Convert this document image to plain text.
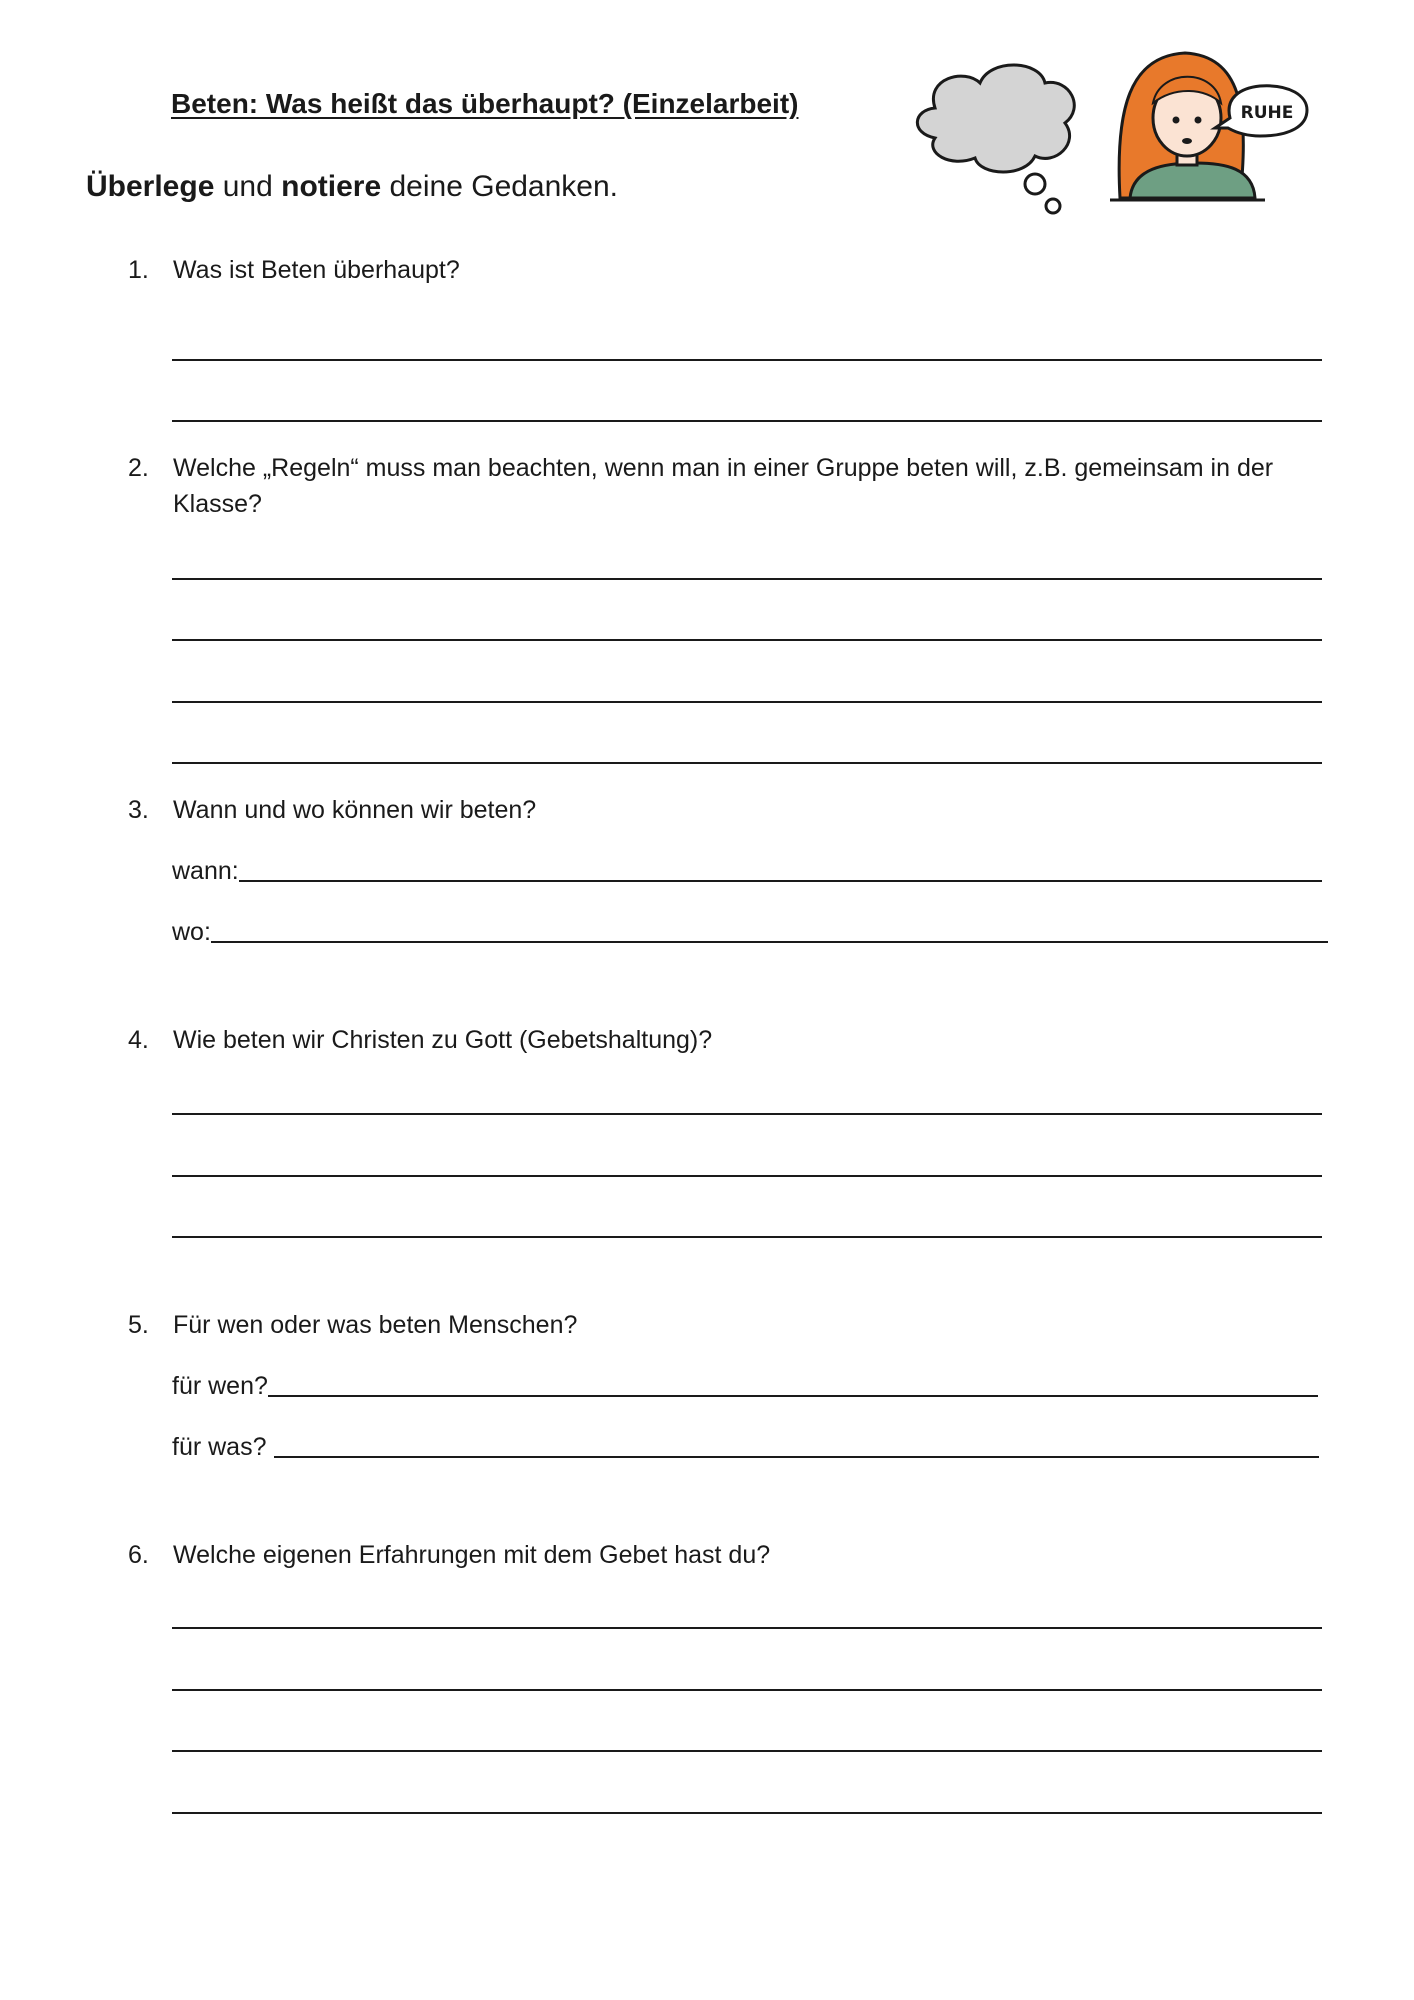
Beten: Was heißt das überhaupt? (Einzelarbeit)
Überlege und notiere deine Gedanken.
RUHE
1. Was ist Beten überhaupt?
2. Welche „Regeln“ muss man beachten, wenn man in einer Gruppe beten will, z.B. gemeinsam in der Klasse?
3. Wann und wo können wir beten?
wann:
wo:
4. Wie beten wir Christen zu Gott (Gebetshaltung)?
5. Für wen oder was beten Menschen?
für wen?
für was?
6. Welche eigenen Erfahrungen mit dem Gebet hast du?
